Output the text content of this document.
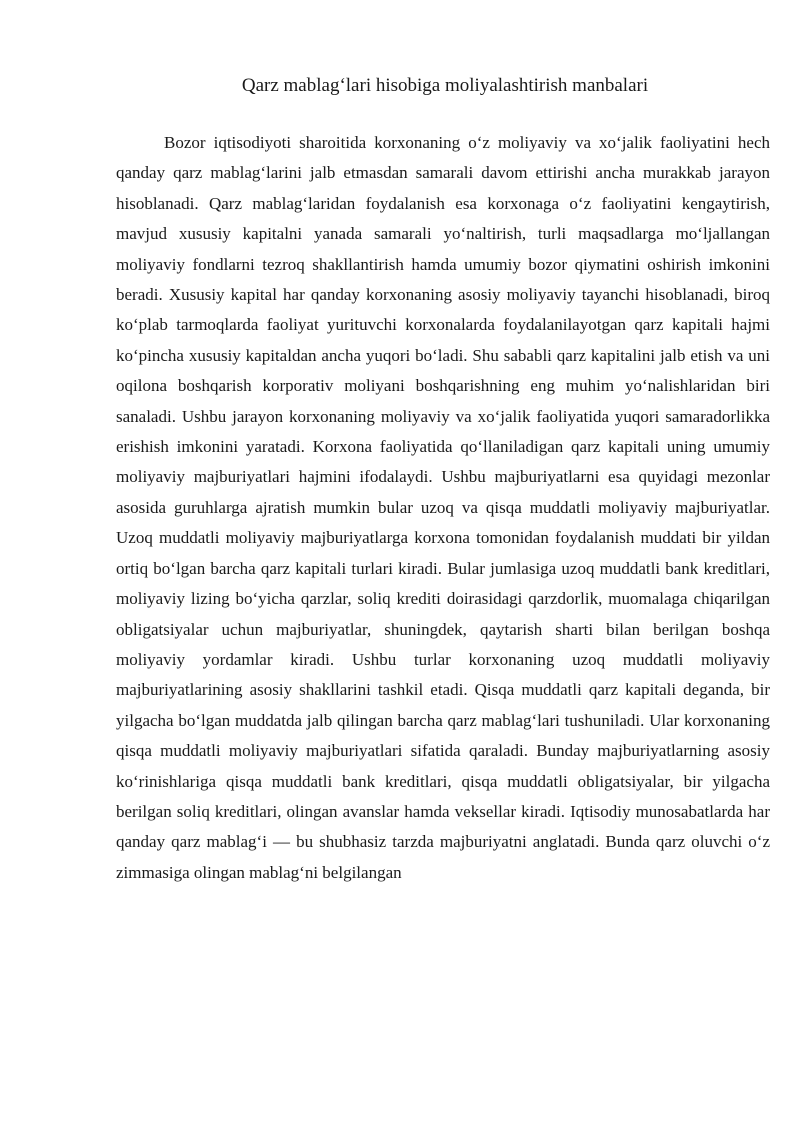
Qarz mablag‘lari hisobiga moliyalashtirish manbalari

Bozor iqtisodiyoti sharoitida korxonaning o‘z moliyaviy va xo‘jalik faoliyatini hech qanday qarz mablag‘larini jalb etmasdan samarali davom ettirishi ancha murakkab jarayon hisoblanadi. Qarz mablag‘laridan foydalanish esa korxonaga o‘z faoliyatini kengaytirish, mavjud xususiy kapitalni yanada samarali yo‘naltirish, turli maqsadlarga mo‘ljallangan moliyaviy fondlarni tezroq shakllantirish hamda umumiy bozor qiymatini oshirish imkonini beradi. Xususiy kapital har qanday korxonaning asosiy moliyaviy tayanchi hisoblanadi, biroq ko‘plab tarmoqlarda faoliyat yurituvchi korxonalarda foydalanilayotgan qarz kapitali hajmi ko‘pincha xususiy kapitaldan ancha yuqori bo‘ladi. Shu sababli qarz kapitalini jalb etish va uni oqilona boshqarish korporativ moliyani boshqarishning eng muhim yo‘nalishlaridan biri sanaladi. Ushbu jarayon korxonaning moliyaviy va xo‘jalik faoliyatida yuqori samaradorlikka erishish imkonini yaratadi. Korxona faoliyatida qo‘llaniladigan qarz kapitali uning umumiy moliyaviy majburiyatlari hajmini ifodalaydi. Ushbu majburiyatlarni esa quyidagi mezonlar asosida guruhlarga ajratish mumkin bular uzoq va qisqa muddatli moliyaviy majburiyatlar. Uzoq muddatli moliyaviy majburiyatlarga korxona tomonidan foydalanish muddati bir yildan ortiq bo‘lgan barcha qarz kapitali turlari kiradi. Bular jumlasiga uzoq muddatli bank kreditlari, moliyaviy lizing bo‘yicha qarzlar, soliq krediti doirasidagi qarzdorlik, muomalaga chiqarilgan obligatsiyalar uchun majburiyatlar, shuningdek, qaytarish sharti bilan berilgan boshqa moliyaviy yordamlar kiradi. Ushbu turlar korxonaning uzoq muddatli moliyaviy majburiyatlarining asosiy shakllarini tashkil etadi. Qisqa muddatli qarz kapitali deganda, bir yilgacha bo‘lgan muddatda jalb qilingan barcha qarz mablag‘lari tushuniladi. Ular korxonaning qisqa muddatli moliyaviy majburiyatlari sifatida qaraladi. Bunday majburiyatlarning asosiy ko‘rinishlariga qisqa muddatli bank kreditlari, qisqa muddatli obligatsiyalar, bir yilgacha berilgan soliq kreditlari, olingan avanslar hamda veksellar kiradi. Iqtisodiy munosabatlarda har qanday qarz mablag‘i — bu shubhasiz tarzda majburiyatni anglatadi. Bunda qarz oluvchi o‘z zimmasiga olingan mablag‘ni belgilangan
